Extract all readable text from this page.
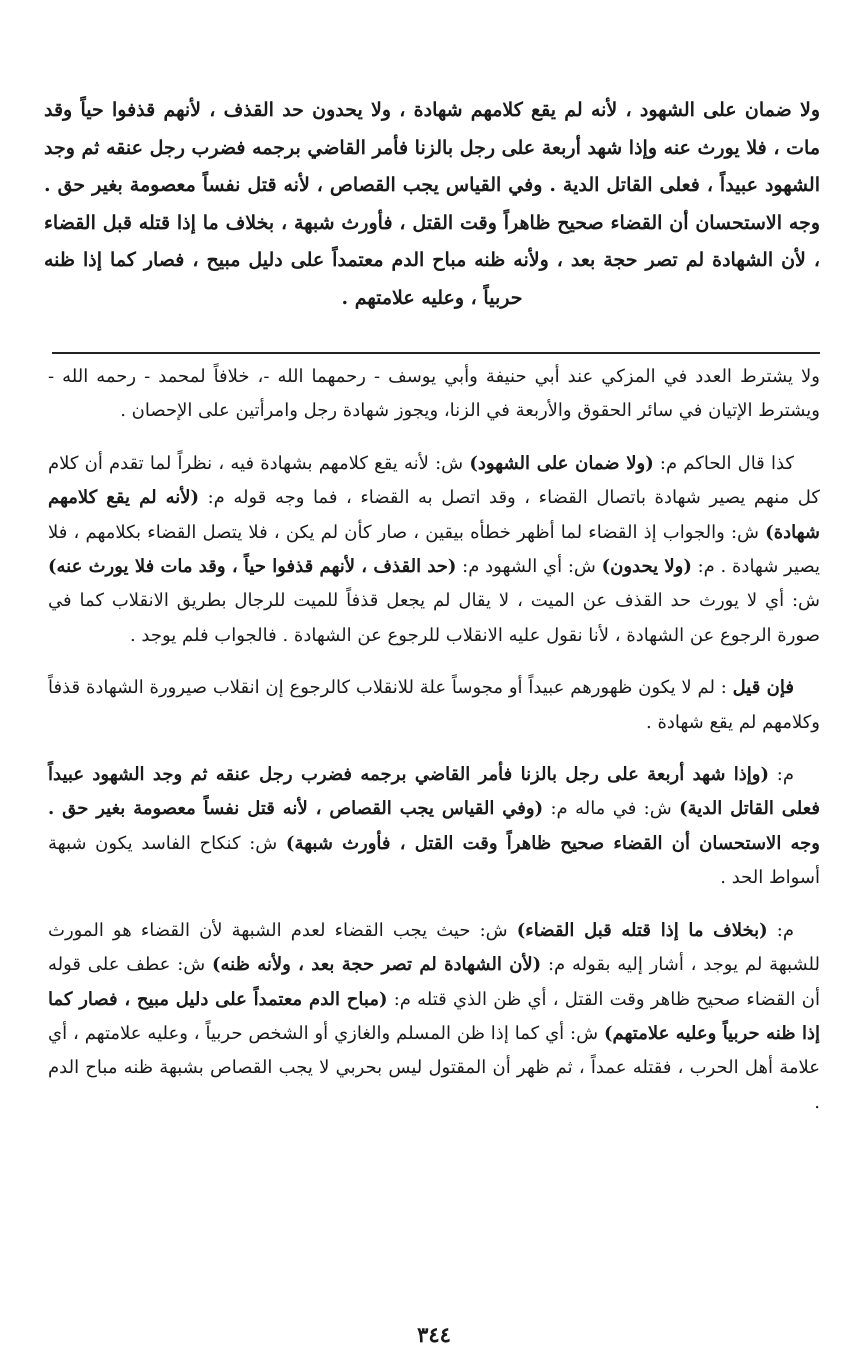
ولا ضمان على الشهود ، لأنه لم يقع كلامهم شهادة ، ولا يحدون حد القذف ، لأنهم قذفوا حياً وقد مات ، فلا يورث عنه وإذا شهد أربعة على رجل بالزنا فأمر القاضي برجمه فضرب رجل عنقه ثم وجد الشهود عبيداً ، فعلى القاتل الدية . وفي القياس يجب القصاص ، لأنه قتل نفساً معصومة بغير حق . وجه الاستحسان أن القضاء صحيح ظاهراً وقت القتل ، فأورث شبهة ، بخلاف ما إذا قتله قبل القضاء ، لأن الشهادة لم تصر حجة بعد ، ولأنه ظنه مباح الدم معتمداً على دليل مبيح ، فصار كما إذا ظنه حربياً ، وعليه علامتهم .

ولا يشترط العدد في المزكي عند أبي حنيفة وأبي يوسف - رحمهما الله -، خلافاً لمحمد - رحمه الله - ويشترط الإتيان في سائر الحقوق والأربعة في الزنا، ويجوز شهادة رجل وامرأتين على الإحصان .

كذا قال الحاكم م: (ولا ضمان على الشهود) ش: لأنه يقع كلامهم بشهادة فيه ، نظراً لما تقدم أن كلام كل منهم يصير شهادة باتصال القضاء ، وقد اتصل به القضاء ، فما وجه قوله م: (لأنه لم يقع كلامهم شهادة) ش: والجواب إذ القضاء لما أظهر خطأه بيقين ، صار كأن لم يكن ، فلا يتصل القضاء بكلامهم ، فلا يصير شهادة . م: (ولا يحدون) ش: أي الشهود م: (حد القذف ، لأنهم قذفوا حياً ، وقد مات فلا يورث عنه) ش: أي لا يورث حد القذف عن الميت ، لا يقال لم يجعل قذفاً للميت للرجال بطريق الانقلاب كما في صورة الرجوع عن الشهادة ، لأنا نقول عليه الانقلاب للرجوع عن الشهادة . فالجواب فلم يوجد .

فإن قيل : لم لا يكون ظهورهم عبيداً أو مجوساً علة للانقلاب كالرجوع إن انقلاب صيرورة الشهادة قذفاً وكلامهم لم يقع شهادة .

م: (وإذا شهد أربعة على رجل بالزنا فأمر القاضي برجمه فضرب رجل عنقه ثم وجد الشهود عبيداً فعلى القاتل الدية) ش: في ماله م: (وفي القياس يجب القصاص ، لأنه قتل نفساً معصومة بغير حق . وجه الاستحسان أن القضاء صحيح ظاهراً وقت القتل ، فأورث شبهة) ش: كنكاح الفاسد يكون شبهة أسواط الحد .

م: (بخلاف ما إذا قتله قبل القضاء) ش: حيث يجب القضاء لعدم الشبهة لأن القضاء هو المورث للشبهة لم يوجد ، أشار إليه بقوله م: (لأن الشهادة لم تصر حجة بعد ، ولأنه ظنه) ش: عطف على قوله أن القضاء صحيح ظاهر وقت القتل ، أي ظن الذي قتله م: (مباح الدم معتمداً على دليل مبيح ، فصار كما إذا ظنه حربياً وعليه علامتهم) ش: أي كما إذا ظن المسلم والغازي أو الشخص حربياً ، وعليه علامتهم ، أي علامة أهل الحرب ، فقتله عمداً ، ثم ظهر أن المقتول ليس بحربي لا يجب القصاص بشبهة ظنه مباح الدم .

٣٤٤
